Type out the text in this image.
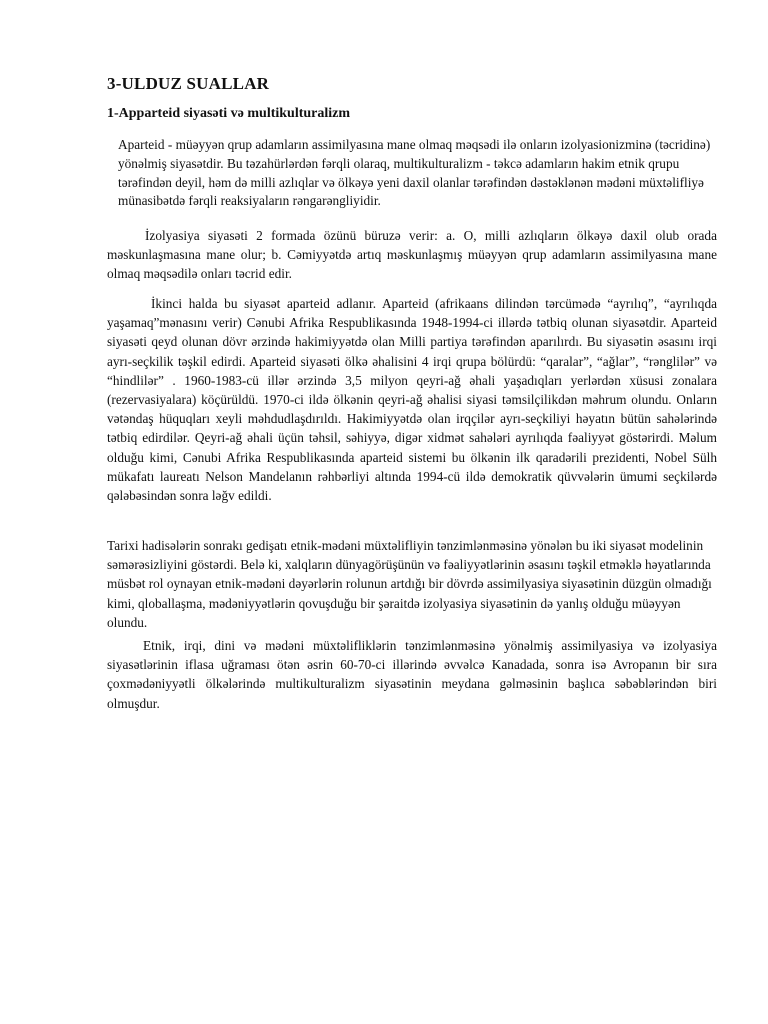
3-ULDUZ SUALLAR
1-Apparteid siyasəti və multikulturalizm

Aparteid - müəyyən qrup adamların assimilyasına mane olmaq məqsədi ilə onların izolyasionizminə (təcridinə) yönəlmiş siyasətdir. Bu təzahürlərdən fərqli olaraq, multikulturalizm - təkcə adamların hakim etnik qrupu tərəfindən deyil, həm də milli azlıqlar və ölkəyə yeni daxil olanlar tərəfindən dəstəklənən mədəni müxtəlifliyə münasibətdə fərqli reaksiyaların rəngarəngliyidir.

İzolyasiya siyasəti 2 formada özünü büruzə verir: a. O, milli azlıqların ölkəyə daxil olub orada məskunlaşmasına mane olur; b. Cəmiyyətdə artıq məskunlaşmış müəyyən qrup adamların assimilyasına mane olmaq məqsədilə onları təcrid edir.

İkinci halda bu siyasət aparteid adlanır. Aparteid (afrikaans dilindən tərcümədə “ayrılıq”, “ayrılıqda yaşamaq”mənasını verir) Cənubi Afrika Respublikasında 1948-1994-ci illərdə tətbiq olunan siyasətdir. Aparteid siyasəti qeyd olunan dövr ərzində hakimiyyətdə olan Milli partiya tərəfindən aparılırdı. Bu siyasətin əsasını irqi ayrı-seçkilik təşkil edirdi. Aparteid siyasəti ölkə əhalisini 4 irqi qrupa bölürdü: “qaralar”, “ağlar”, “rənglilər” və “hindlilər” . 1960-1983-cü illər ərzində 3,5 milyon qeyri-ağ əhali yaşadıqları yerlərdən xüsusi zonalara (rezervasiyalara) köçürüldü. 1970-ci ildə ölkənin qeyri-ağ əhalisi siyasi təmsilçilikdən məhrum olundu. Onların vətəndaş hüquqları xeyli məhdudlaşdırıldı. Hakimiyyətdə olan irqçilər ayrı-seçkiliyi həyatın bütün sahələrində tətbiq edirdilər. Qeyri-ağ əhali üçün təhsil, səhiyyə, digər xidmət sahələri ayrılıqda fəaliyyət göstərirdi. Məlum olduğu kimi, Cənubi Afrika Respublikasında aparteid sistemi bu ölkənin ilk qaradərili prezidenti, Nobel Sülh mükafatı laureatı Nelson Mandelanın rəhbərliyi altında 1994-cü ildə demokratik qüvvələrin ümumi seçkilərdə qələbəsindən sonra ləğv edildi.

Tarixi hadisələrin sonrakı gedişatı etnik-mədəni müxtəlifliyin tənzimlənməsinə yönələn bu iki siyasət modelinin səmərəsizliyini göstərdi. Belə ki, xalqların dünyagörüşünün və fəaliyyətlərinin əsasını təşkil etməklə həyatlarında müsbət rol oynayan etnik-mədəni dəyərlərin rolunun artdığı bir dövrdə assimilyasiya siyasətinin düzgün olmadığı kimi, qloballaşma, mədəniyyətlərin qovuşduğu bir şəraitdə izolyasiya siyasətinin də yanlış olduğu müəyyən olundu.

Etnik, irqi, dini və mədəni müxtəlifliklərin tənzimlənməsinə yönəlmiş assimilyasiya və izolyasiya siyasətlərinin iflasa uğraması ötən əsrin 60-70-ci illərində əvvəlcə Kanadada, sonra isə Avropanın bir sıra çoxmədəniyyətli ölkələrində multikulturalizm siyasətinin meydana gəlməsinin başlıca səbəblərindən biri olmuşdur.
